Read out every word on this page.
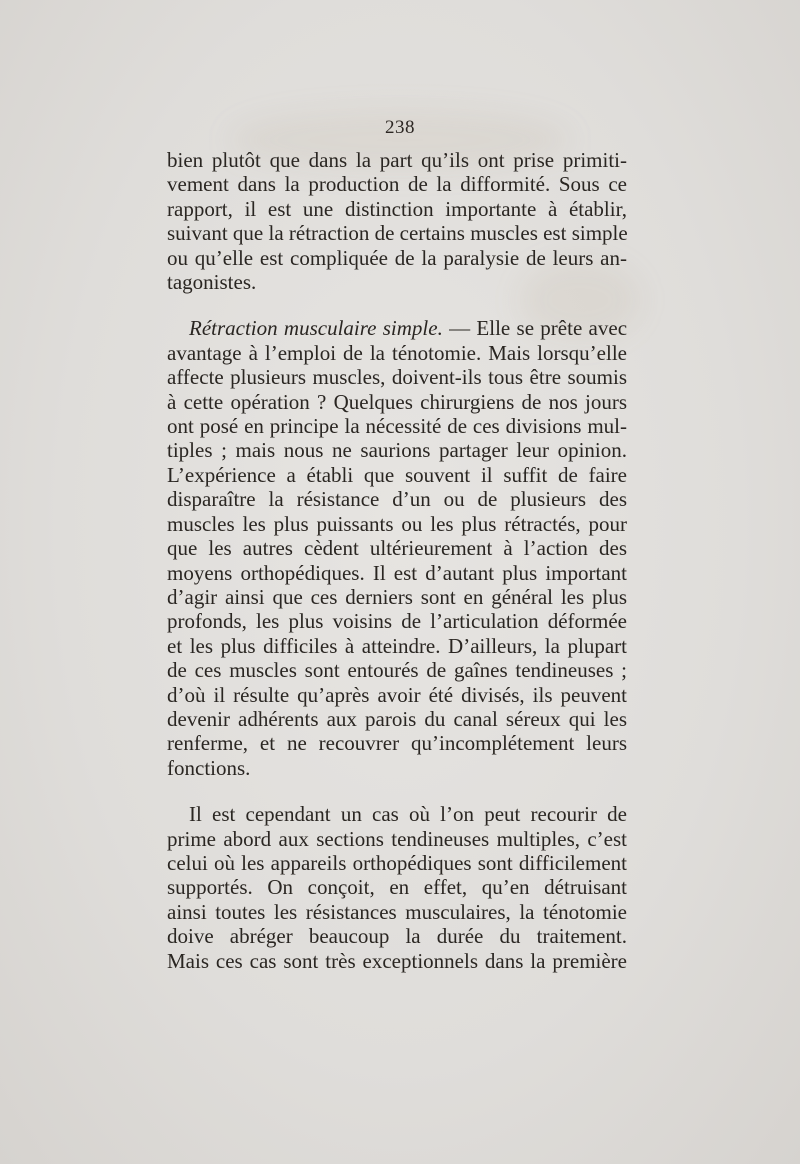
238
bien plutôt que dans la part qu’ils ont prise primiti-
vement dans la production de la difformité. Sous ce
rapport, il est une distinction importante à établir,
suivant que la rétraction de certains muscles est simple
ou qu’elle est compliquée de la paralysie de leurs an-
tagonistes.
Rétraction musculaire simple. — Elle se prête avec
avantage à l’emploi de la ténotomie. Mais lorsqu’elle
affecte plusieurs muscles, doivent-ils tous être soumis
à cette opération ? Quelques chirurgiens de nos jours
ont posé en principe la nécessité de ces divisions mul-
tiples ; mais nous ne saurions partager leur opinion.
L’expérience a établi que souvent il suffit de faire
disparaître la résistance d’un ou de plusieurs des
muscles les plus puissants ou les plus rétractés, pour
que les autres cèdent ultérieurement à l’action des
moyens orthopédiques. Il est d’autant plus important
d’agir ainsi que ces derniers sont en général les plus
profonds, les plus voisins de l’articulation déformée
et les plus difficiles à atteindre. D’ailleurs, la plupart
de ces muscles sont entourés de gaînes tendineuses ;
d’où il résulte qu’après avoir été divisés, ils peuvent
devenir adhérents aux parois du canal séreux qui les
renferme, et ne recouvrer qu’incomplétement leurs
fonctions.
Il est cependant un cas où l’on peut recourir de
prime abord aux sections tendineuses multiples, c’est
celui où les appareils orthopédiques sont difficilement
supportés. On conçoit, en effet, qu’en détruisant
ainsi toutes les résistances musculaires, la ténotomie
doive abréger beaucoup la durée du traitement.
Mais ces cas sont très exceptionnels dans la première
